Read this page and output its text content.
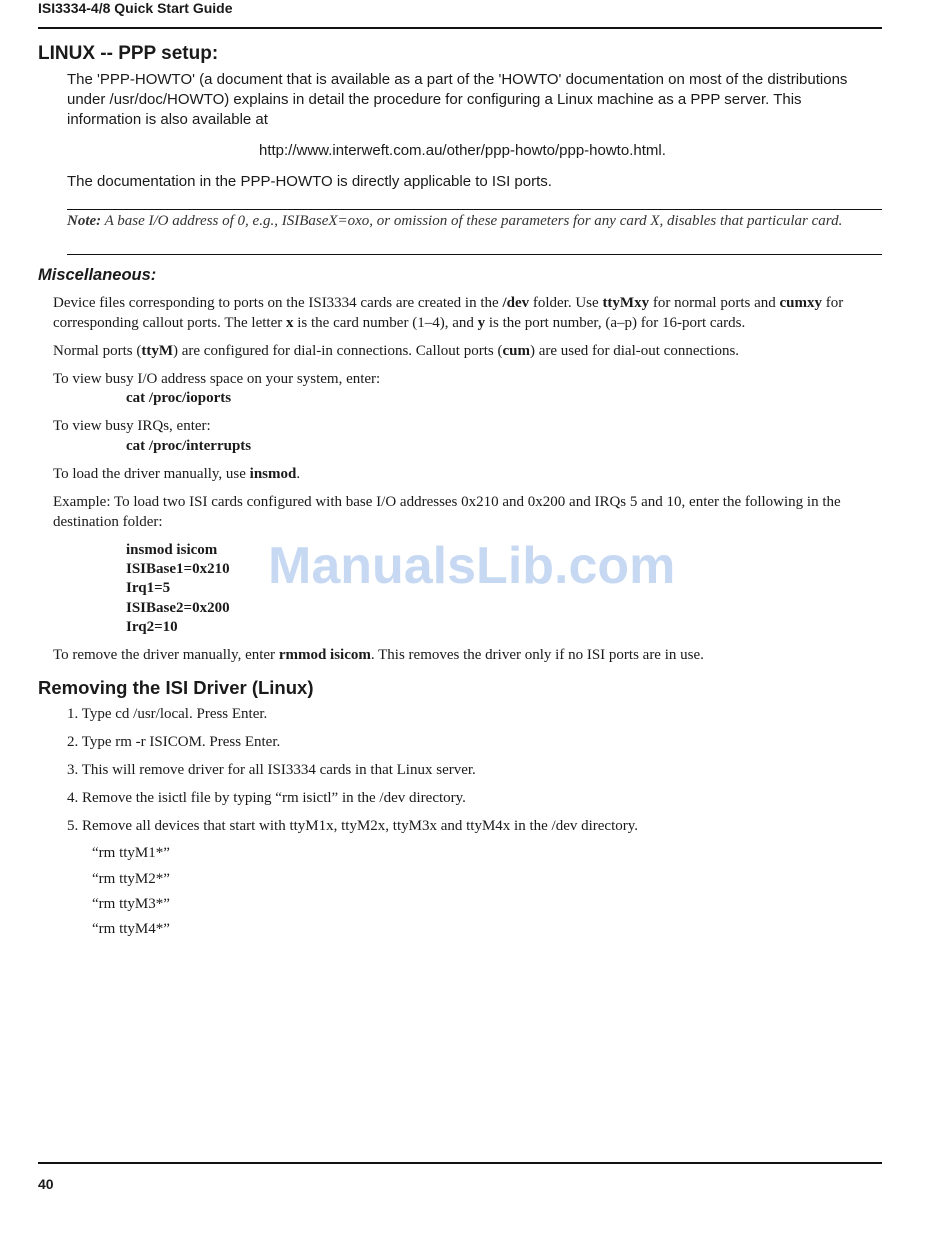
ISI3334-4/8 Quick Start Guide
LINUX -- PPP setup:
The 'PPP-HOWTO' (a document that is available as a part of the 'HOWTO' documentation on most of the distributions under /usr/doc/HOWTO) explains in detail the procedure for configuring a Linux machine as a PPP server. This information is also available at
http://www.interweft.com.au/other/ppp-howto/ppp-howto.html.
The documentation in the PPP-HOWTO is directly applicable to ISI ports.
Note: A base I/O address of 0, e.g., ISIBaseX=oxo, or omission of these parameters for any card X, disables that particular card.
Miscellaneous:
Device files corresponding to ports on the ISI3334 cards are created in the /dev folder. Use ttyMxy for normal ports and cumxy for corresponding callout ports. The letter x is the card number (1–4), and y is the port number, (a–p) for 16-port cards.
Normal ports (ttyM) are configured for dial-in connections. Callout ports (cum) are used for dial-out connections.
To view busy I/O address space on your system, enter:
cat /proc/ioports
To view busy IRQs, enter:
cat /proc/interrupts
To load the driver manually, use insmod.
Example: To load two ISI cards configured with base I/O addresses 0x210 and 0x200 and IRQs 5 and 10, enter the following in the destination folder:
insmod isicom
ISIBase1=0x210
Irq1=5
ISIBase2=0x200
Irq2=10
ManualsLib.com
To remove the driver manually, enter rmmod isicom. This removes the driver only if no ISI ports are in use.
Removing the ISI Driver (Linux)
1. Type cd /usr/local. Press Enter.
2. Type rm -r ISICOM. Press Enter.
3. This will remove driver for all ISI3334 cards in that Linux server.
4. Remove the isictl file by typing “rm isictl” in the /dev directory.
5. Remove all devices that start with ttyM1x, ttyM2x, ttyM3x and ttyM4x in the /dev directory.
“rm ttyM1*”
“rm ttyM2*”
“rm ttyM3*”
“rm ttyM4*”
40
